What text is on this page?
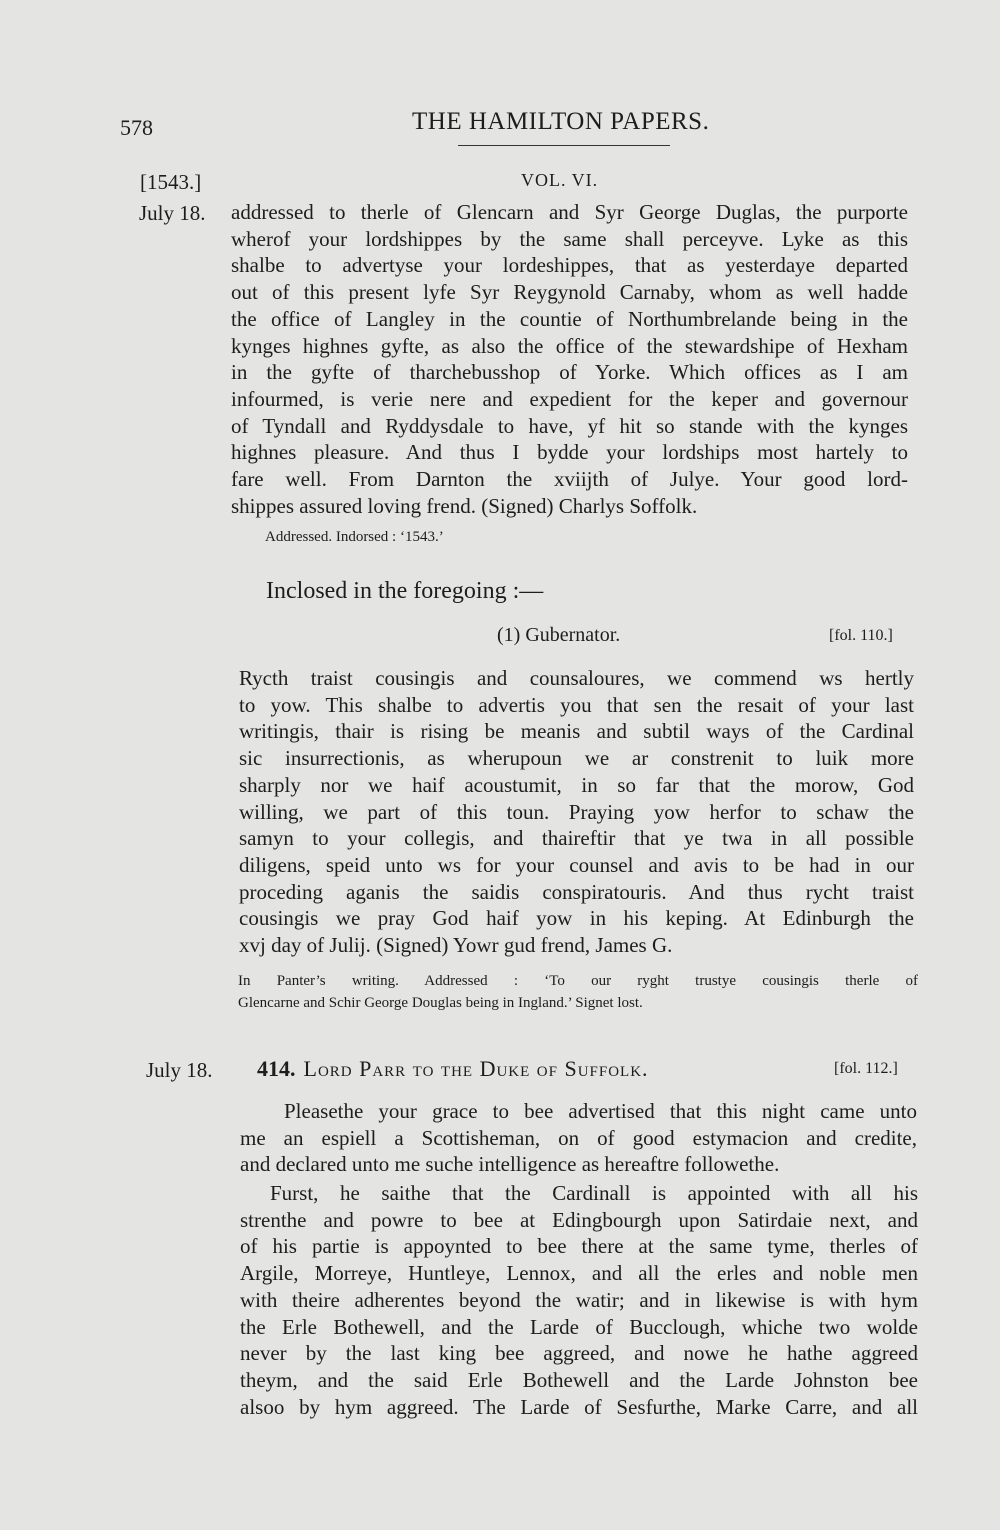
578	THE HAMILTON PAPERS.
[1543.]	VOL. VI.
July 18. addressed to therle of Glencarn and Syr George Duglas, the purporte
wherof your lordshippes by the same shall perceyve. Lyke as this
shalbe to advertyse your lordeshippes, that as yesterdaye departed
out of this present lyfe Syr Reygynold Carnaby, whom as well hadde
the office of Langley in the countie of Northumbrelande being in the
kynges highnes gyfte, as also the office of the stewardshipe of Hexham
in the gyfte of tharchebusshop of Yorke. Which offices as I am
infourmed, is verie nere and expedient for the keper and governour
of Tyndall and Ryddysdale to have, yf hit so stande with the kynges
highnes pleasure. And thus I bydde your lordships most hartely to
fare well. From Darnton the xviijth of Julye. Your good lord-
shippes assured loving frend. (Signed) Charlys Soffolk.
Addressed. Indorsed : ‘1543.’
Inclosed in the foregoing :—
(1) Gubernator.	[fol. 110.]
Rycth traist cousingis and counsaloures, we commend ws hertly
to yow. This shalbe to advertis you that sen the resait of your last
writingis, thair is rising be meanis and subtil ways of the Cardinal
sic insurrectionis, as wherupoun we ar constrenit to luik more
sharply nor we haif acoustumit, in so far that the morow, God
willing, we part of this toun. Praying yow herfor to schaw the
samyn to your collegis, and thaireftir that ye twa in all possible
diligens, speid unto ws for your counsel and avis to be had in our
proceding aganis the saidis conspiratouris. And thus rycht traist
cousingis we pray God haif yow in his keping. At Edinburgh the
xvj day of Julij. (Signed) Yowr gud frend, James G.
In Panter’s writing. Addressed : ‘To our ryght trustye cousingis therle of
Glencarne and Schir George Douglas being in Ingland.’ Signet lost.
July 18. 414. Lord Parr to the Duke of Suffolk.	[fol. 112.]
Pleasethe your grace to bee advertised that this night came unto
me an espiell a Scottisheman, on of good estymacion and credite,
and declared unto me suche intelligence as hereaftre followethe.
Furst, he saithe that the Cardinall is appointed with all his
strenthe and powre to bee at Edingbourgh upon Satirdaie next, and
of his partie is appoynted to bee there at the same tyme, therles of
Argile, Morreye, Huntleye, Lennox, and all the erles and noble men
with theire adherentes beyond the watir; and in likewise is with hym
the Erle Bothewell, and the Larde of Bucclough, whiche two wolde
never by the last king bee aggreed, and nowe he hathe aggreed
theym, and the said Erle Bothewell and the Larde Johnston bee
alsoo by hym aggreed. The Larde of Sesfurthe, Marke Carre, and all
